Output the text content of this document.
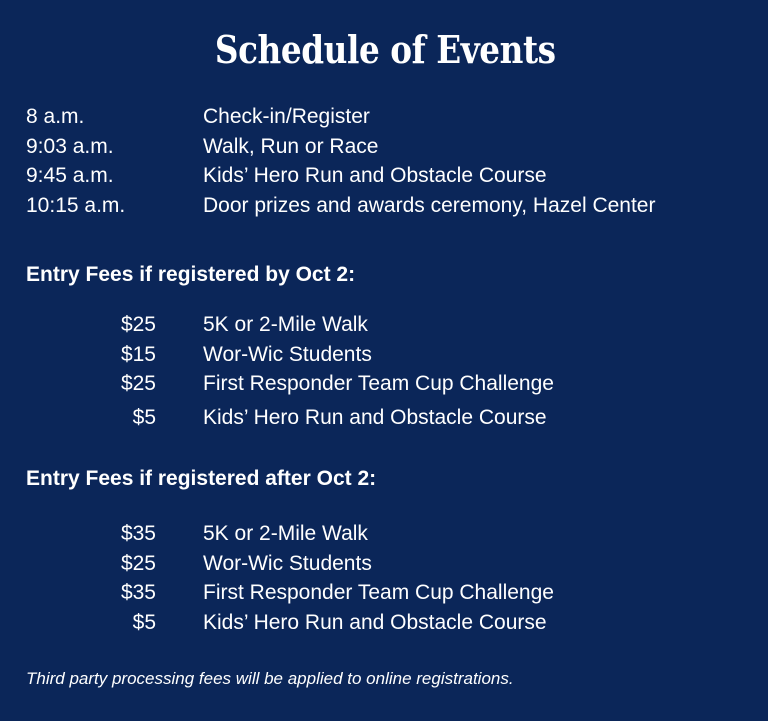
Schedule of Events
8 a.m.	Check-in/Register
9:03 a.m.	Walk, Run or Race
9:45 a.m.	Kids’ Hero Run and Obstacle Course
10:15 a.m.	Door prizes and awards ceremony, Hazel Center
Entry Fees if registered by Oct 2:
$25 5K or 2-Mile Walk
$15 Wor-Wic Students
$25 First Responder Team Cup Challenge
$5 Kids’ Hero Run and Obstacle Course
Entry Fees if registered after Oct 2:
$35 5K or 2-Mile Walk
$25 Wor-Wic Students
$35 First Responder Team Cup Challenge
$5 Kids’ Hero Run and Obstacle Course
Third party processing fees will be applied to online registrations.
